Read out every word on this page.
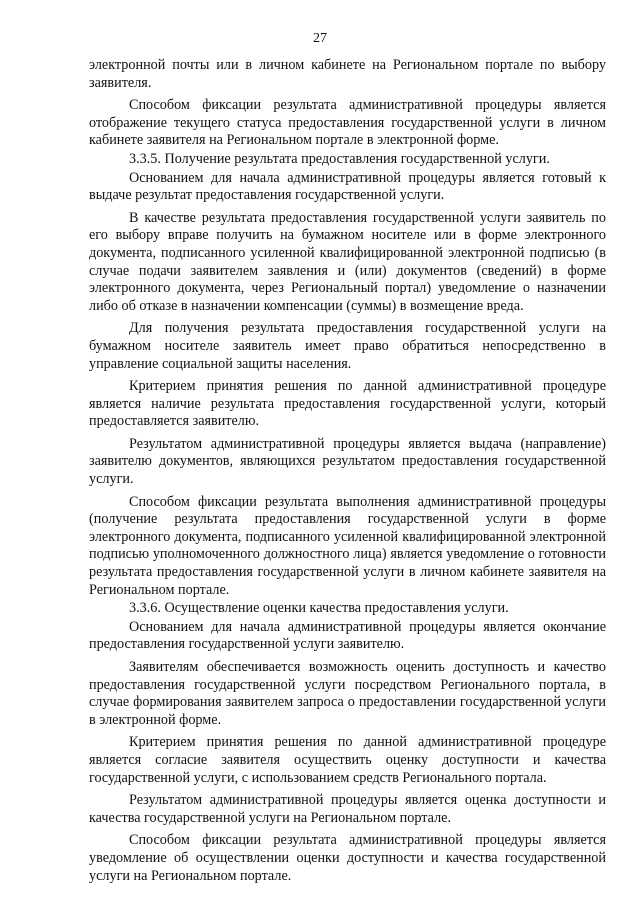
27

электронной почты или в личном кабинете на Региональном портале по выбору заявителя.

Способом фиксации результата административной процедуры является отображение текущего статуса предоставления государственной услуги в личном кабинете заявителя на Региональном портале в электронной форме.

3.3.5. Получение результата предоставления государственной услуги.

Основанием для начала административной процедуры является готовый к выдаче результат предоставления государственной услуги.

В качестве результата предоставления государственной услуги заявитель по его выбору вправе получить на бумажном носителе или в форме электронного документа, подписанного усиленной квалифицированной электронной подписью (в случае подачи заявителем заявления и (или) документов (сведений) в форме электронного документа, через Региональный портал) уведомление о назначении либо об отказе в назначении компенсации (суммы) в возмещение вреда.

Для получения результата предоставления государственной услуги на бумажном носителе заявитель имеет право обратиться непосредственно в управление социальной защиты населения.

Критерием принятия решения по данной административной процедуре является наличие результата предоставления государственной услуги, который предоставляется заявителю.

Результатом административной процедуры является выдача (направление) заявителю документов, являющихся результатом предоставления государственной услуги.

Способом фиксации результата выполнения административной процедуры (получение результата предоставления государственной услуги в форме электронного документа, подписанного усиленной квалифицированной электронной подписью уполномоченного должностного лица) является уведомление о готовности результата предоставления государственной услуги в личном кабинете заявителя на Региональном портале.

3.3.6. Осуществление оценки качества предоставления услуги.

Основанием для начала административной процедуры является окончание предоставления государственной услуги заявителю.

Заявителям обеспечивается возможность оценить доступность и качество предоставления государственной услуги посредством Регионального портала, в случае формирования заявителем запроса о предоставлении государственной услуги в электронной форме.

Критерием принятия решения по данной административной процедуре является согласие заявителя осуществить оценку доступности и качества государственной услуги, с использованием средств Регионального портала.

Результатом административной процедуры является оценка доступности и качества государственной услуги на Региональном портале.

Способом фиксации результата административной процедуры является уведомление об осуществлении оценки доступности и качества государственной услуги на Региональном портале.
